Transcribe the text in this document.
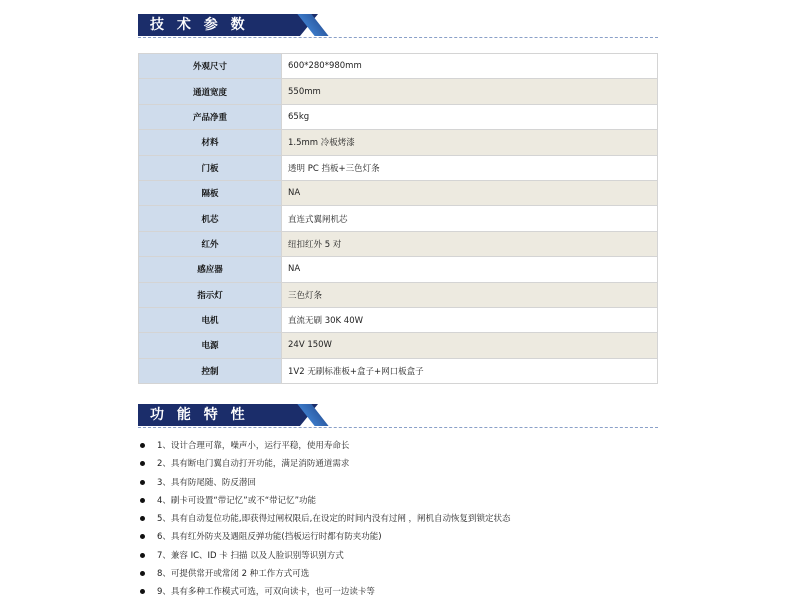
技 术 参 数
外观尺寸	600*280*980mm
通道宽度	550mm
产品净重	65kg
材料	1.5mm 冷板烤漆
门板	透明 PC 挡板+三色灯条
隔板	NA
机芯	直连式翼闸机芯
红外	纽扣红外 5 对
感应器	NA
指示灯	三色灯条
电机	直流无刷 30K 40W
电源	24V 150W
控制	1V2 无刷标准板+盒子+网口板盒子
功 能 特 性
1、设计合理可靠，噪声小，运行平稳，使用寿命长
2、具有断电门翼自动打开功能，满足消防通道需求
3、具有防尾随、防反潜回
4、刷卡可设置“带记忆”或不“带记忆”功能
5、具有自动复位功能,即获得过闸权限后,在设定的时间内没有过闸 ，闸机自动恢复到锁定状态
6、具有红外防夹及遇阻反弹功能(挡板运行时都有防夹功能)
7、兼容 IC、ID 卡 扫描 以及人脸识别等识别方式
8、可提供常开或常闭 2 种工作方式可选
9、具有多种工作模式可选，可双向读卡，也可一边读卡等
